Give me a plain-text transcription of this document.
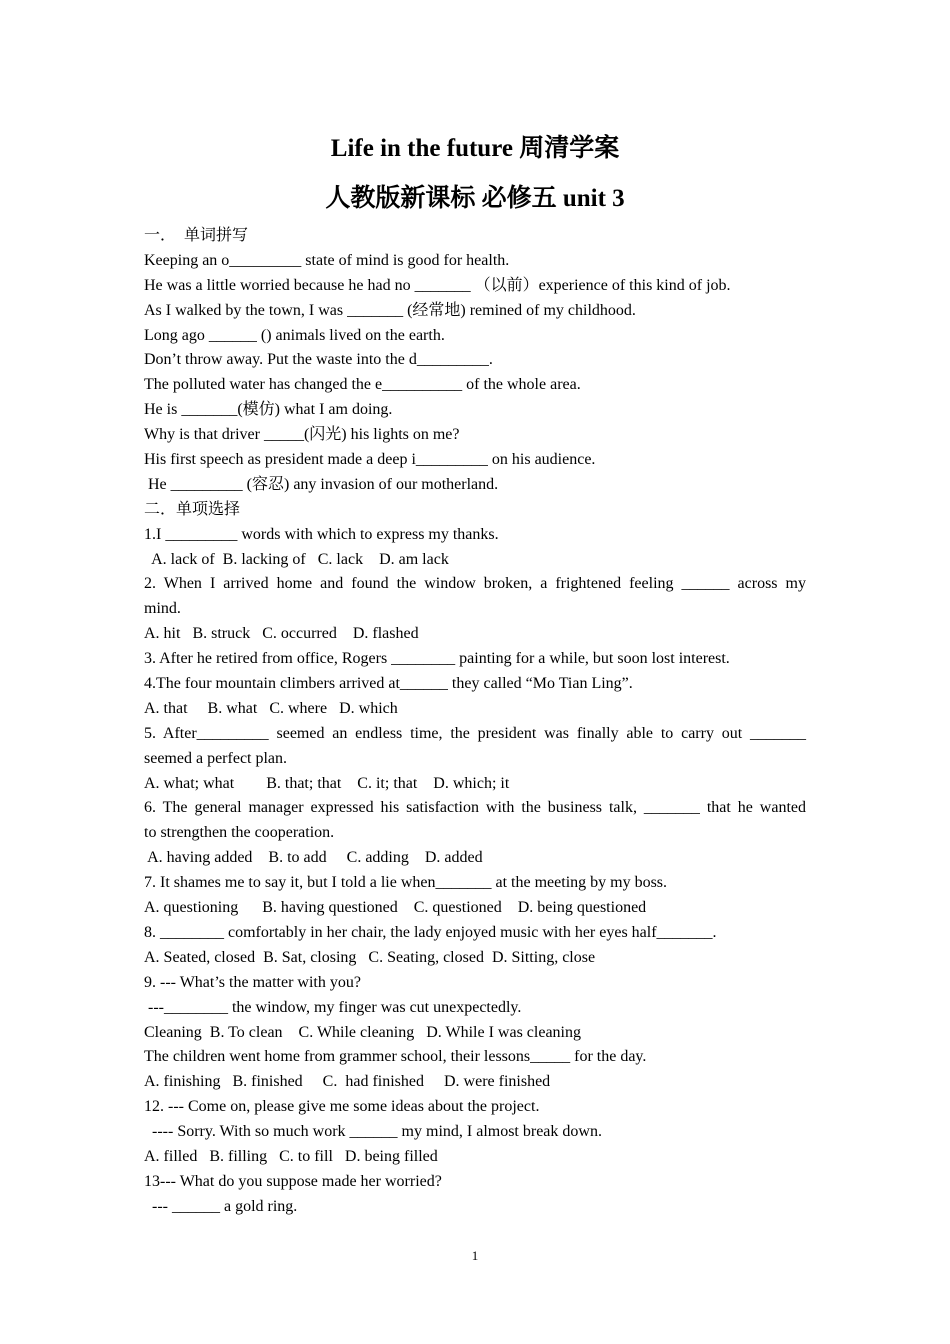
Life in the future 周清学案
人教版新课标 必修五 unit 3
一．  单词拼写
Keeping an o_________ state of mind is good for health.
He was a little worried because he had no _______ （以前）experience of this kind of job.
As I walked by the town, I was _______ (经常地) remined of my childhood.
Long ago ______ () animals lived on the earth.
Don’t throw away. Put the waste into the d_________.
The polluted water has changed the e__________ of the whole area.
He is _______(模仿) what I am doing.
Why is that driver _____(闪光) his lights on me?
His first speech as president made a deep i_________ on his audience.
He _________ (容忍) any invasion of our motherland.
二．单项选择
1.I _________ words with which to express my thanks.
A. lack of  B. lacking of   C. lack    D. am lack
2. When I arrived home and found the window broken, a frightened feeling ______ across my
mind.
A. hit   B. struck   C. occurred    D. flashed
3. After he retired from office, Rogers ________ painting for a while, but soon lost interest.
4.The four mountain climbers arrived at______ they called “Mo Tian Ling”.
A. that     B. what   C. where   D. which
5. After_________ seemed an endless time, the president was finally able to carry out _______
seemed a perfect plan.
A. what; what        B. that; that    C. it; that    D. which; it
6. The general manager expressed his satisfaction with the business talk, _______ that he wanted
to strengthen the cooperation.
A. having added    B. to add     C. adding    D. added
7. It shames me to say it, but I told a lie when_______ at the meeting by my boss.
A. questioning      B. having questioned    C. questioned    D. being questioned
8. ________ comfortably in her chair, the lady enjoyed music with her eyes half_______.
A. Seated, closed  B. Sat, closing   C. Seating, closed  D. Sitting, close
9. --- What’s the matter with you?
---________ the window, my finger was cut unexpectedly.
Cleaning  B. To clean    C. While cleaning   D. While I was cleaning
The children went home from grammer school, their lessons_____ for the day.
A. finishing   B. finished     C.  had finished     D. were finished
12. --- Come on, please give me some ideas about the project.
---- Sorry. With so much work ______ my mind, I almost break down.
A. filled   B. filling   C. to fill   D. being filled
13--- What do you suppose made her worried?
--- ______ a gold ring.
1
